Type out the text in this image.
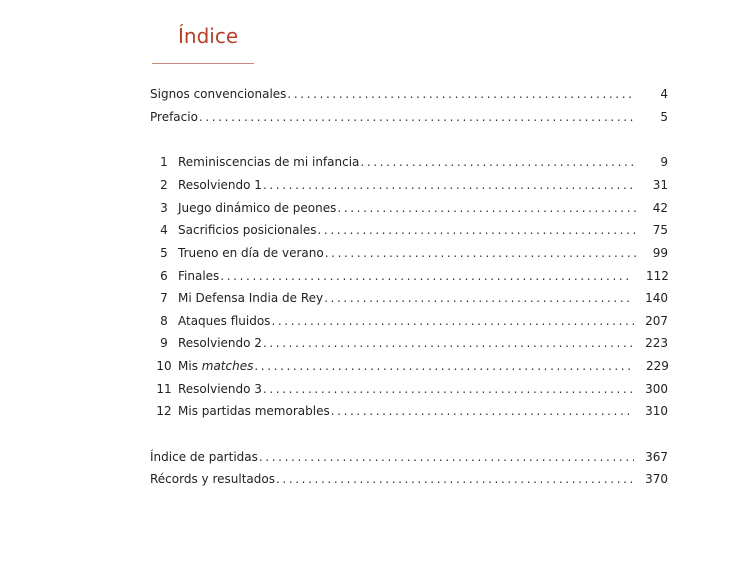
Índice
Signos convencionales . . .	4
Prefacio . . .	5
1 Reminiscencias de mi infancia . . .	9
2 Resolviendo 1 . . .	31
3 Juego dinámico de peones . . .	42
4 Sacrificios posicionales . . .	75
5 Trueno en día de verano . . .	99
6 Finales . . .	112
7 Mi Defensa India de Rey . . .	140
8 Ataques fluidos . . .	207
9 Resolviendo 2 . . .	223
10 Mis matches . . .	229
11 Resolviendo 3 . . .	300
12 Mis partidas memorables . . .	310
Índice de partidas . . .	367
Récords y resultados . . .	370
